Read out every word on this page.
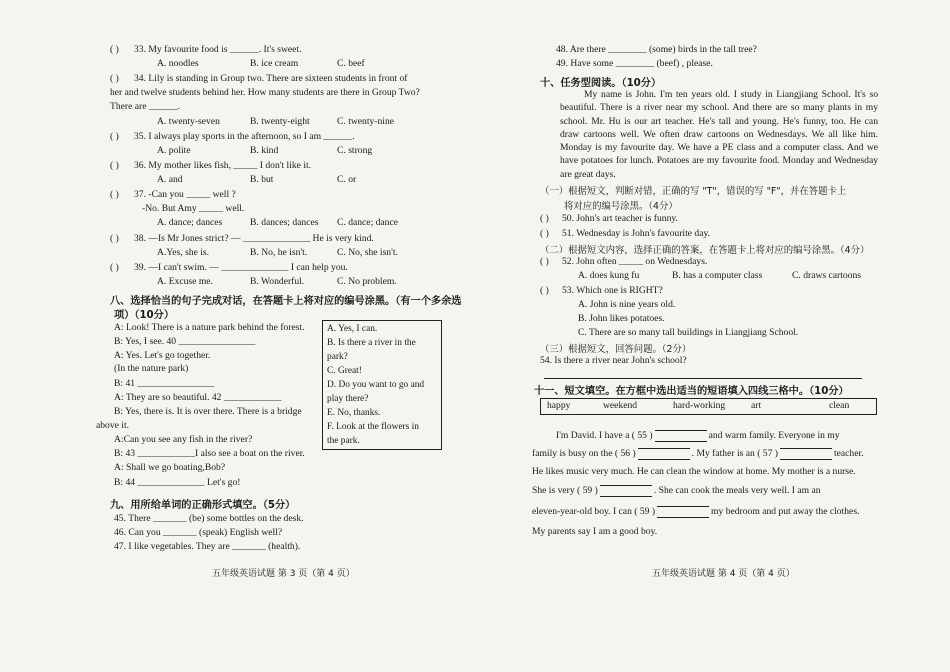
( ) 33. My favourite food is ______. It's sweet.
A. noodles	B. ice cream	C. beef
( ) 34. Lily is standing in Group two. There are sixteen students in front of
her and twelve students behind her. How many students are there in Group Two?
There are ______.
A. twenty-seven	B. twenty-eight	C. twenty-nine
( ) 35. I always play sports in the afternoon, so I am ______.
A. polite	B. kind	C. strong
( ) 36. My mother likes fish, _____ I don't like it.
A. and	B. but	C. or
( ) 37. -Can you _____ well ?
-No. But Amy _____ well.
A. dance; dances	B. dances; dances C. dance; dance
( ) 38. —Is Mr Jones strict? — ______________ He is very kind.
A.Yes, she is.	B. No, he isn't.	C. No, she isn't.
( ) 39. —I can't swim. — ______________ I can help you.
A. Excuse me.	B. Wonderful.	C. No problem.
八、选择恰当的句子完成对话，在答题卡上将对应的编号涂黑。（有一个多余选
项）（10分）
A: Look! There is a nature park behind the forest.
B: Yes, I see. 40 ________________
A: Yes. Let's go together.
(In the nature park)
B: 41 ________________
A: They are so beautiful. 42 ____________
B: Yes, there is. It is over there. There is a bridge
above it.
A:Can you see any fish in the river?
B: 43 ____________I also see a boat on the river.
A: Shall we go boating,Bob?
B: 44 ______________ Let's go!
A. Yes, I can.
B. Is there a river in the
park?
C. Great!
D. Do you want to go and
play there?
E. No, thanks.
F. Look at the flowers in
the park.
九、用所给单词的正确形式填空。（5分）
45. There _______ (be) some bottles on the desk.
46. Can you _______ (speak) English well?
47. I like vegetables. They are _______ (health).
五年级英语试题 第 3 页（第 4 页）
48. Are there ________ (some) birds in the tall tree?
49. Have some ________ (beef) , please.
十、任务型阅读。（10分）
My name is John. I'm ten years old. I study in Liangjiang School. It's so beautiful. There is a river near my school. And there are so many plants in my school. Mr. Hu is our art teacher. He's tall and young. He's funny, too. He can draw cartoons well. We often draw cartoons on Wednesdays. We all like him. Monday is my favourite day. We have a PE class and a computer class. And we have potatoes for lunch. Potatoes are my favourite food. Monday and Wednesday are great days.
（一）根据短文，判断对错，正确的写 "T"，错误的写 "F"，并在答题卡上
将对应的编号涂黑。（4分）
( ) 50. John's art teacher is funny.
( ) 51. Wednesday is John's favourite day.
（二）根据短文内容，选择正确的答案，在答题卡上将对应的编号涂黑。（4分）
( ) 52. John often _____ on Wednesdays.
A. does kung fu	B. has a computer class	C. draws cartoons
( ) 53. Which one is RIGHT?
A. John is nine years old.
B. John likes potatoes.
C. There are so many tall buildings in Liangjiang School.
（三）根据短文，回答问题。（2分）
54. Is there a river near John's school?
十一、短文填空。在方框中选出适当的短语填入四线三格中。（10分）
happy	weekend	hard-working	art	clean
I'm David. I have a ( 55 )	and warm family. Everyone in my
family is busy on the ( 56 )	. My father is an ( 57 )	teacher.
He likes music very much. He can clean the window at home. My mother is a nurse.
She is very ( 59 )	. She can cook the meals very well. I am an
eleven-year-old boy. I can ( 59 )	my bedroom and put away the clothes.
My parents say I am a good boy.
五年级英语试题 第 4 页（第 4 页）
